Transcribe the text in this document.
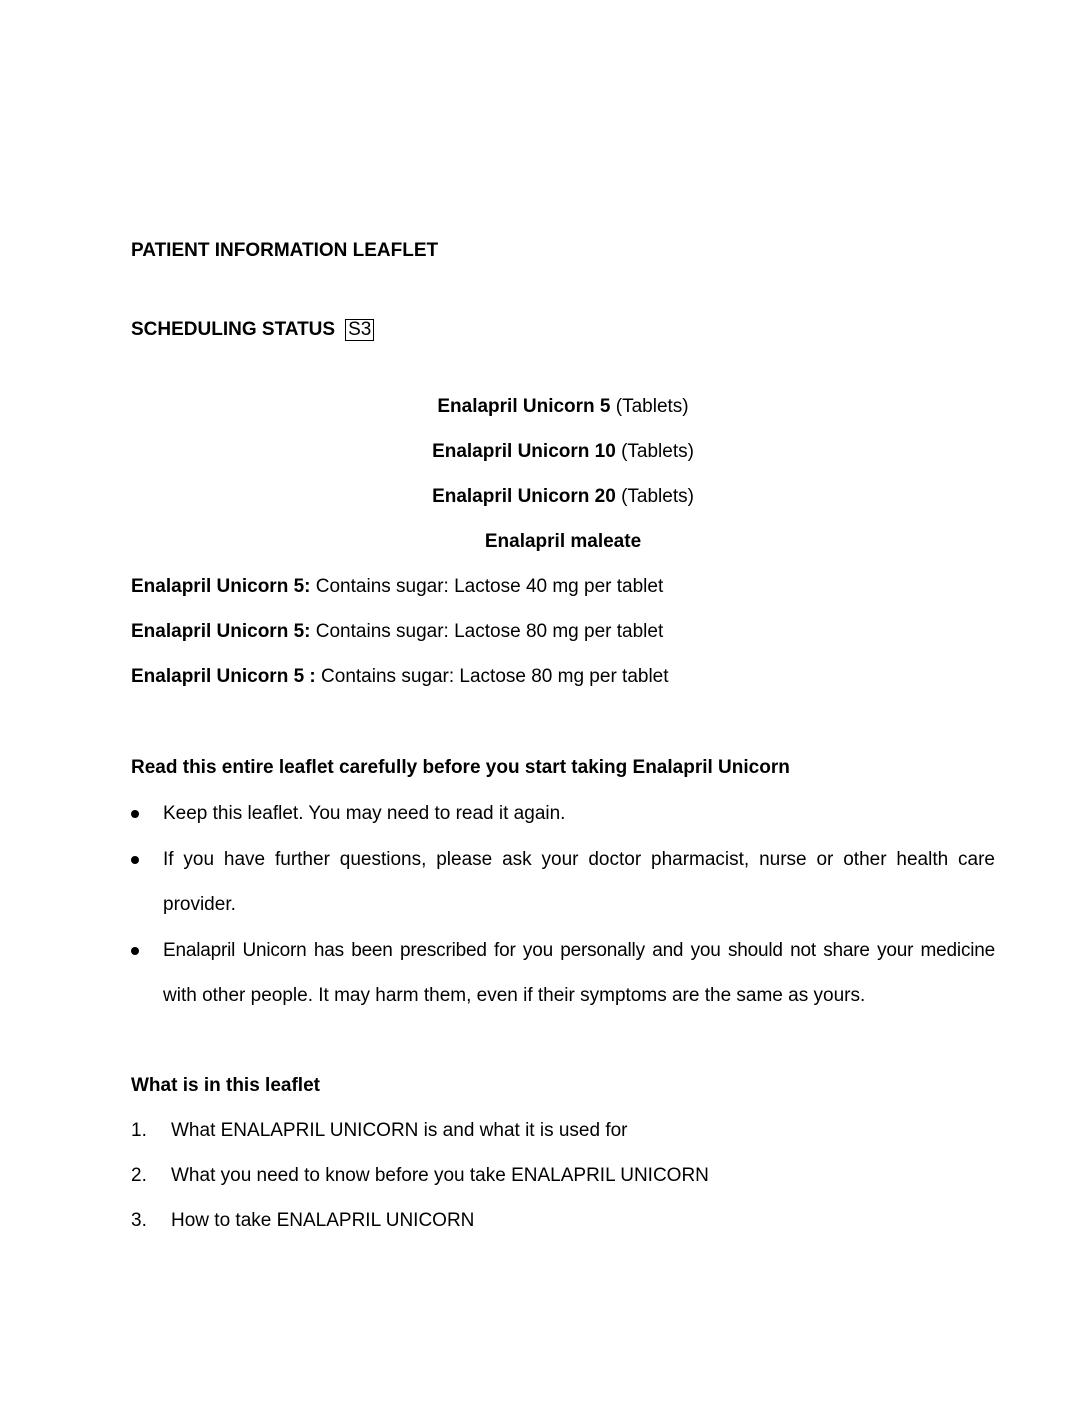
PATIENT INFORMATION LEAFLET
SCHEDULING STATUS S3
Enalapril Unicorn 5 (Tablets)
Enalapril Unicorn 10 (Tablets)
Enalapril Unicorn 20 (Tablets)
Enalapril maleate
Enalapril Unicorn 5: Contains sugar: Lactose 40 mg per tablet
Enalapril Unicorn 5: Contains sugar: Lactose 80 mg per tablet
Enalapril Unicorn 5 : Contains sugar: Lactose 80 mg per tablet
Read this entire leaflet carefully before you start taking Enalapril Unicorn
Keep this leaflet. You may need to read it again.
If you have further questions, please ask your doctor pharmacist, nurse or other health care
provider.
Enalapril Unicorn has been prescribed for you personally and you should not share your medicine
with other people. It may harm them, even if their symptoms are the same as yours.
What is in this leaflet
1. What ENALAPRIL UNICORN is and what it is used for
2. What you need to know before you take ENALAPRIL UNICORN
3. How to take ENALAPRIL UNICORN
